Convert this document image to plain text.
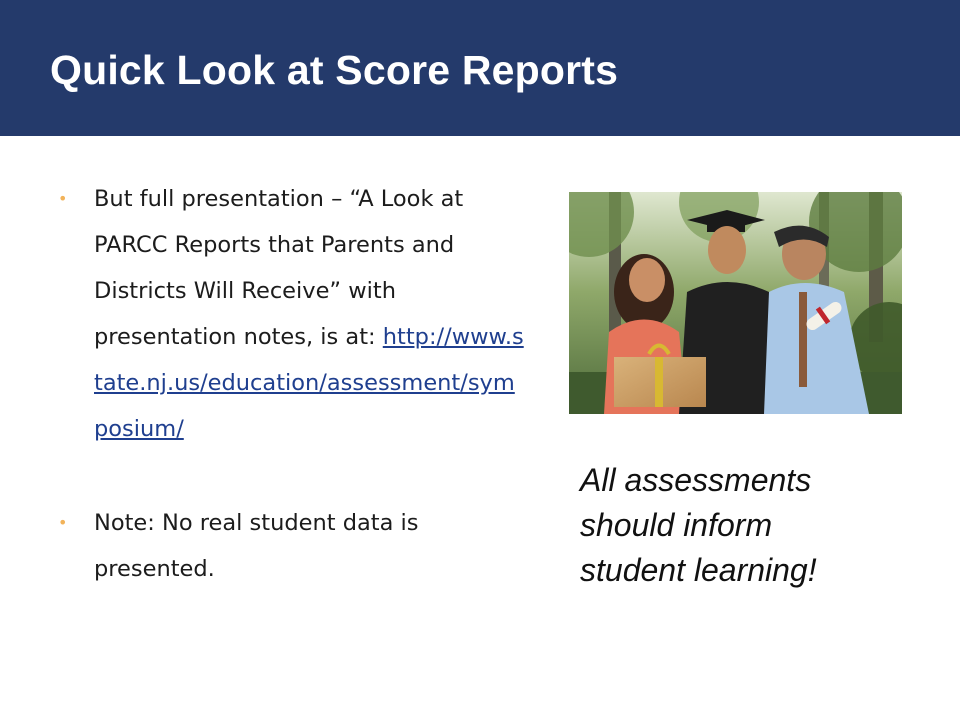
Quick Look at Score Reports
• But full presentation – “A Look at PARCC Reports that Parents and Districts Will Receive” with presentation notes, is at: http://www.state.nj.us/education/assessment/symposium/
• Note: No real student data is presented.

All assessments should inform student learning!
